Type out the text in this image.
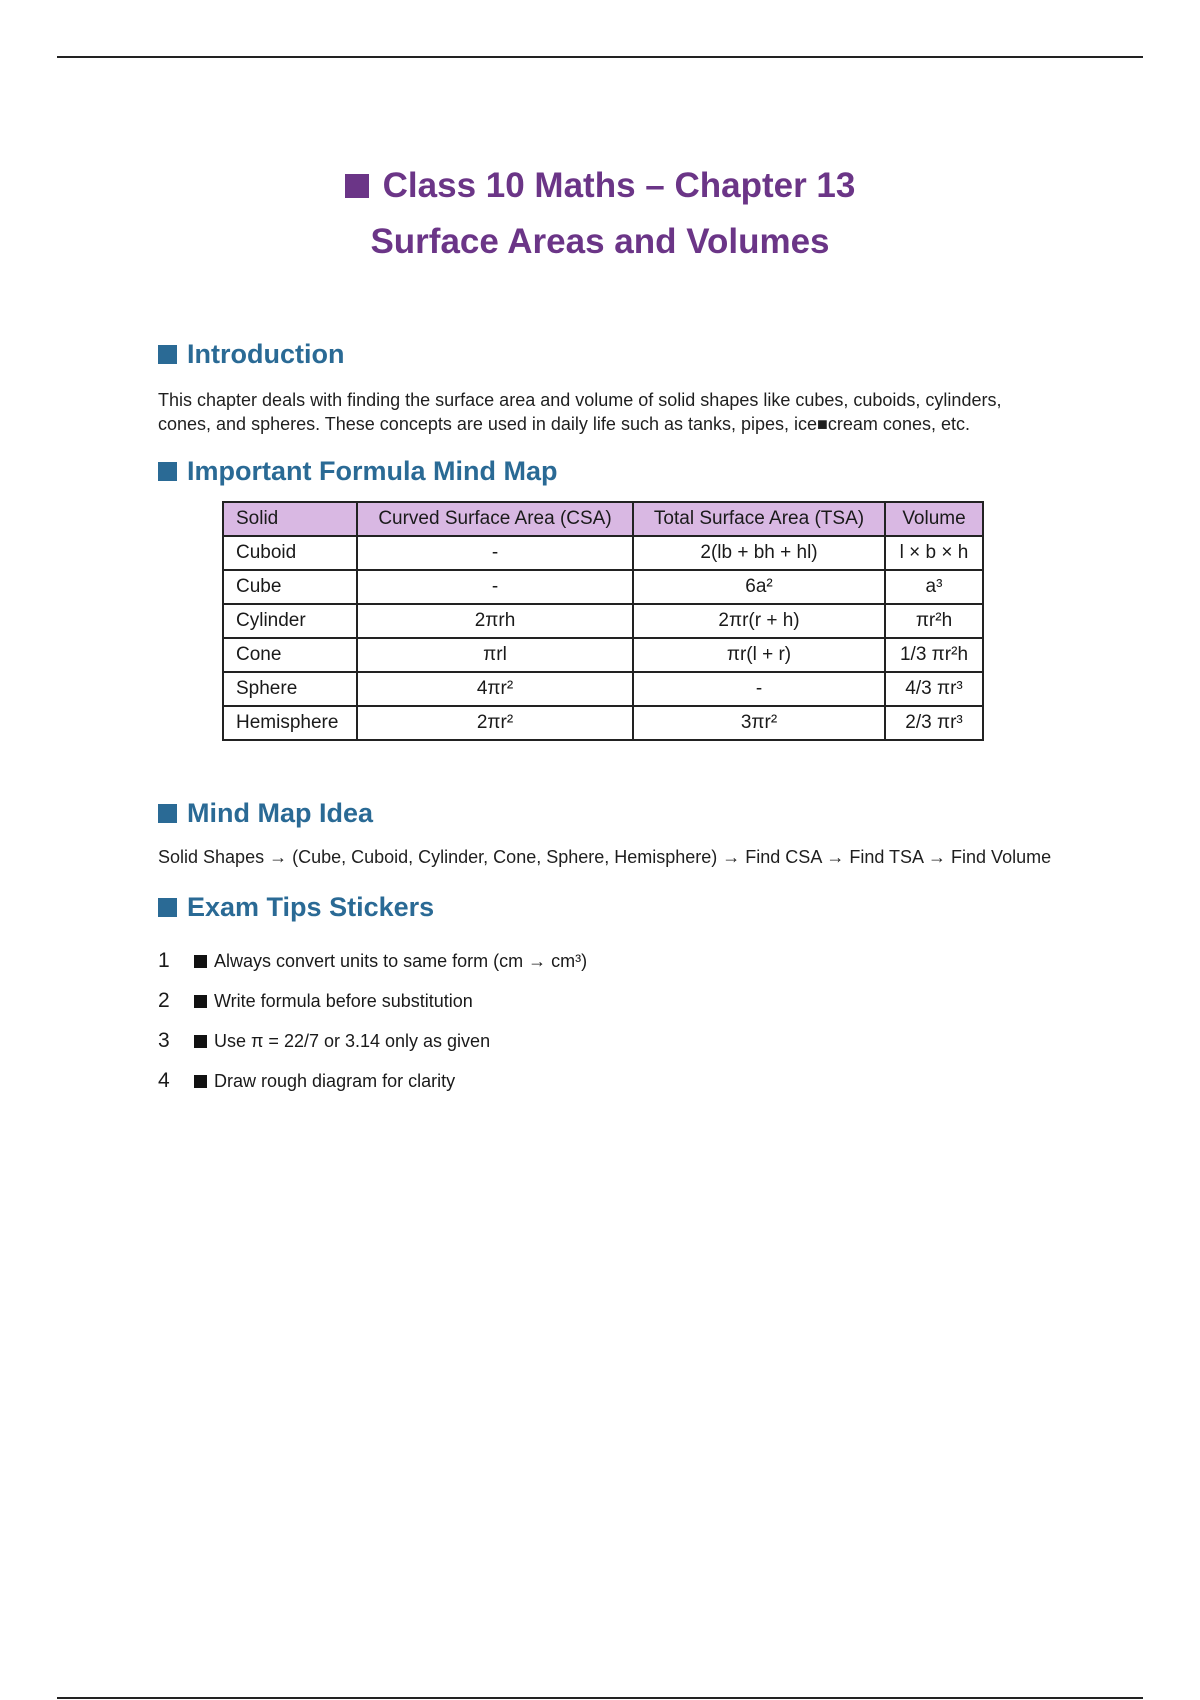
Class 10 Maths – Chapter 13
Surface Areas and Volumes
Introduction

This chapter deals with finding the surface area and volume of solid shapes like cubes, cuboids, cylinders, cones, and spheres. These concepts are used in daily life such as tanks, pipes, ice■cream cones, etc.

Important Formula Mind Map
Solid	Curved Surface Area (CSA)	Total Surface Area (TSA)	Volume
Cuboid	-	2(lb + bh + hl)	l × b × h
Cube	-	6a²	a³
Cylinder	2πrh	2πr(r + h)	πr²h
Cone	πrl	πr(l + r)	1/3 πr²h
Sphere	4πr²	-	4/3 πr³
Hemisphere	2πr²	3πr²	2/3 πr³
Mind Map Idea

Solid Shapes → (Cube, Cuboid, Cylinder, Cone, Sphere, Hemisphere) → Find CSA → Find TSA → Find Volume

Exam Tips Stickers
1	Always convert units to same form (cm → cm³)
2	Write formula before substitution
3	Use π = 22/7 or 3.14 only as given
4	Draw rough diagram for clarity
